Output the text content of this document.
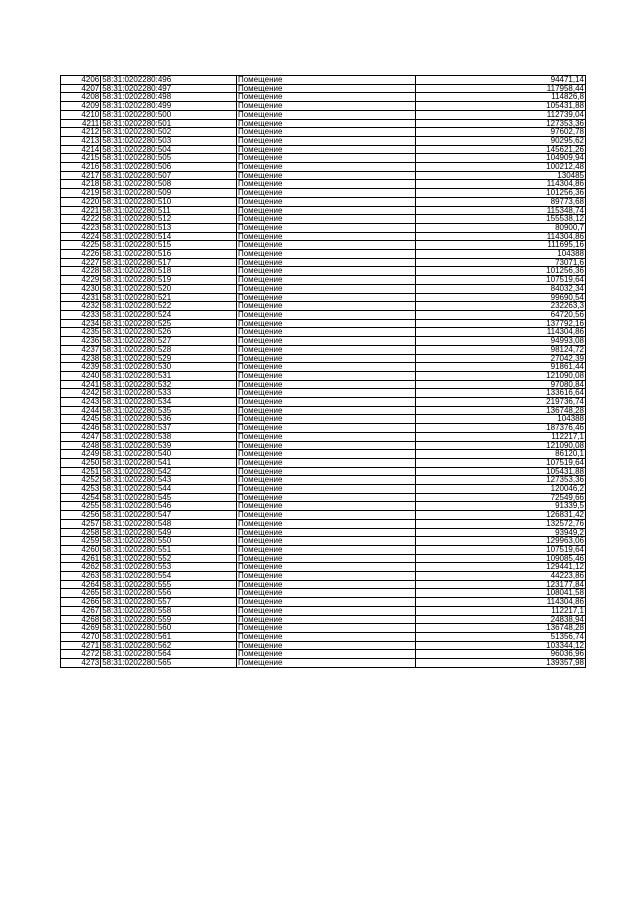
4206	58:31:0202280:496	Помещение	94471,14
4207	58:31:0202280:497	Помещение	117958,44
4208	58:31:0202280:498	Помещение	114826,8
4209	58:31:0202280:499	Помещение	105431,88
4210	58:31:0202280:500	Помещение	112739,04
4211	58:31:0202280:501	Помещение	127353,36
4212	58:31:0202280:502	Помещение	97602,78
4213	58:31:0202280:503	Помещение	90295,62
4214	58:31:0202280:504	Помещение	145621,26
4215	58:31:0202280:505	Помещение	104909,94
4216	58:31:0202280:506	Помещение	100212,48
4217	58:31:0202280:507	Помещение	130485
4218	58:31:0202280:508	Помещение	114304,86
4219	58:31:0202280:509	Помещение	101256,36
4220	58:31:0202280:510	Помещение	89773,68
4221	58:31:0202280:511	Помещение	115348,74
4222	58:31:0202280:512	Помещение	155538,12
4223	58:31:0202280:513	Помещение	80900,7
4224	58:31:0202280:514	Помещение	114304,86
4225	58:31:0202280:515	Помещение	111695,16
4226	58:31:0202280:516	Помещение	104388
4227	58:31:0202280:517	Помещение	73071,6
4228	58:31:0202280:518	Помещение	101256,36
4229	58:31:0202280:519	Помещение	107519,64
4230	58:31:0202280:520	Помещение	84032,34
4231	58:31:0202280:521	Помещение	99690,54
4232	58:31:0202280:522	Помещение	232263,3
4233	58:31:0202280:524	Помещение	64720,56
4234	58:31:0202280:525	Помещение	137792,16
4235	58:31:0202280:526	Помещение	114304,86
4236	58:31:0202280:527	Помещение	94993,08
4237	58:31:0202280:528	Помещение	98124,72
4238	58:31:0202280:529	Помещение	27042,39
4239	58:31:0202280:530	Помещение	91861,44
4240	58:31:0202280:531	Помещение	121090,08
4241	58:31:0202280:532	Помещение	97080,84
4242	58:31:0202280:533	Помещение	133616,64
4243	58:31:0202280:534	Помещение	219736,74
4244	58:31:0202280:535	Помещение	136748,28
4245	58:31:0202280:536	Помещение	104388
4246	58:31:0202280:537	Помещение	187376,46
4247	58:31:0202280:538	Помещение	112217,1
4248	58:31:0202280:539	Помещение	121090,08
4249	58:31:0202280:540	Помещение	86120,1
4250	58:31:0202280:541	Помещение	107519,64
4251	58:31:0202280:542	Помещение	105431,88
4252	58:31:0202280:543	Помещение	127353,36
4253	58:31:0202280:544	Помещение	120046,2
4254	58:31:0202280:545	Помещение	72549,66
4255	58:31:0202280:546	Помещение	91339,5
4256	58:31:0202280:547	Помещение	126831,42
4257	58:31:0202280:548	Помещение	132572,76
4258	58:31:0202280:549	Помещение	93949,2
4259	58:31:0202280:550	Помещение	129963,06
4260	58:31:0202280:551	Помещение	107519,64
4261	58:31:0202280:552	Помещение	109085,46
4262	58:31:0202280:553	Помещение	129441,12
4263	58:31:0202280:554	Помещение	44223,86
4264	58:31:0202280:555	Помещение	123177,84
4265	58:31:0202280:556	Помещение	108041,58
4266	58:31:0202280:557	Помещение	114304,86
4267	58:31:0202280:558	Помещение	112217,1
4268	58:31:0202280:559	Помещение	24838,94
4269	58:31:0202280:560	Помещение	136748,28
4270	58:31:0202280:561	Помещение	51356,74
4271	58:31:0202280:562	Помещение	103344,12
4272	58:31:0202280:564	Помещение	96036,96
4273	58:31:0202280:565	Помещение	139357,98
